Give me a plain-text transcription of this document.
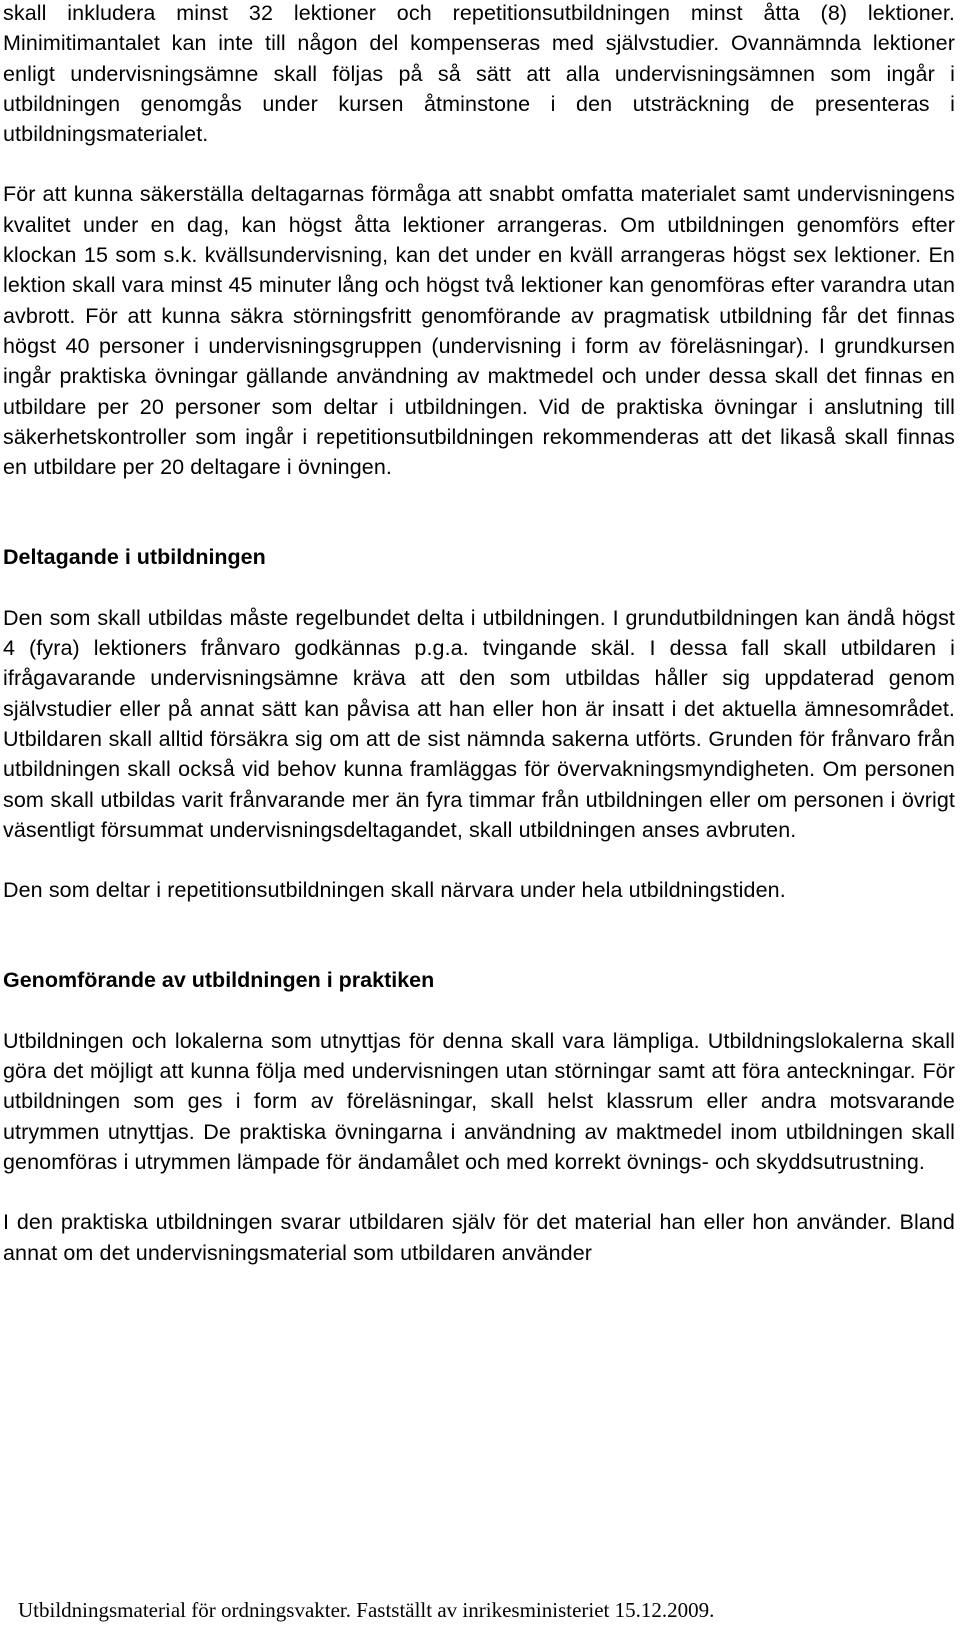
skall inkludera minst 32 lektioner och repetitionsutbildningen minst åtta (8) lektioner. Minimitimantalet kan inte till någon del kompenseras med självstudier. Ovannämnda lektioner enligt undervisningsämne skall följas på så sätt att alla undervisningsämnen som ingår i utbildningen genomgås under kursen åtminstone i den utsträckning de presenteras i utbildningsmaterialet.

För att kunna säkerställa deltagarnas förmåga att snabbt omfatta materialet samt undervisningens kvalitet under en dag, kan högst åtta lektioner arrangeras. Om utbildningen genomförs efter klockan 15 som s.k. kvällsundervisning, kan det under en kväll arrangeras högst sex lektioner. En lektion skall vara minst 45 minuter lång och högst två lektioner kan genomföras efter varandra utan avbrott. För att kunna säkra störningsfritt genomförande av pragmatisk utbildning får det finnas högst 40 personer i undervisningsgruppen (undervisning i form av föreläsningar). I grundkursen ingår praktiska övningar gällande användning av maktmedel och under dessa skall det finnas en utbildare per 20 personer som deltar i utbildningen. Vid de praktiska övningar i anslutning till säkerhetskontroller som ingår i repetitionsutbildningen rekommenderas att det likaså skall finnas en utbildare per 20 deltagare i övningen.

Deltagande i utbildningen

Den som skall utbildas måste regelbundet delta i utbildningen. I grundutbildningen kan ändå högst 4 (fyra) lektioners frånvaro godkännas p.g.a. tvingande skäl. I dessa fall skall utbildaren i ifrågavarande undervisningsämne kräva att den som utbildas håller sig uppdaterad genom självstudier eller på annat sätt kan påvisa att han eller hon är insatt i det aktuella ämnesområdet. Utbildaren skall alltid försäkra sig om att de sist nämnda sakerna utförts. Grunden för frånvaro från utbildningen skall också vid behov kunna framläggas för övervakningsmyndigheten. Om personen som skall utbildas varit frånvarande mer än fyra timmar från utbildningen eller om personen i övrigt väsentligt försummat undervisningsdeltagandet, skall utbildningen anses avbruten.

Den som deltar i repetitionsutbildningen skall närvara under hela utbildningstiden.

Genomförande av utbildningen i praktiken

Utbildningen och lokalerna som utnyttjas för denna skall vara lämpliga. Utbildningslokalerna skall göra det möjligt att kunna följa med undervisningen utan störningar samt att föra anteckningar. För utbildningen som ges i form av föreläsningar, skall helst klassrum eller andra motsvarande utrymmen utnyttjas. De praktiska övningarna i användning av maktmedel inom utbildningen skall genomföras i utrymmen lämpade för ändamålet och med korrekt övnings- och skyddsutrustning.

I den praktiska utbildningen svarar utbildaren själv för det material han eller hon använder. Bland annat om det undervisningsmaterial som utbildaren använder

Utbildningsmaterial för ordningsvakter. Fastställt av inrikesministeriet 15.12.2009.
